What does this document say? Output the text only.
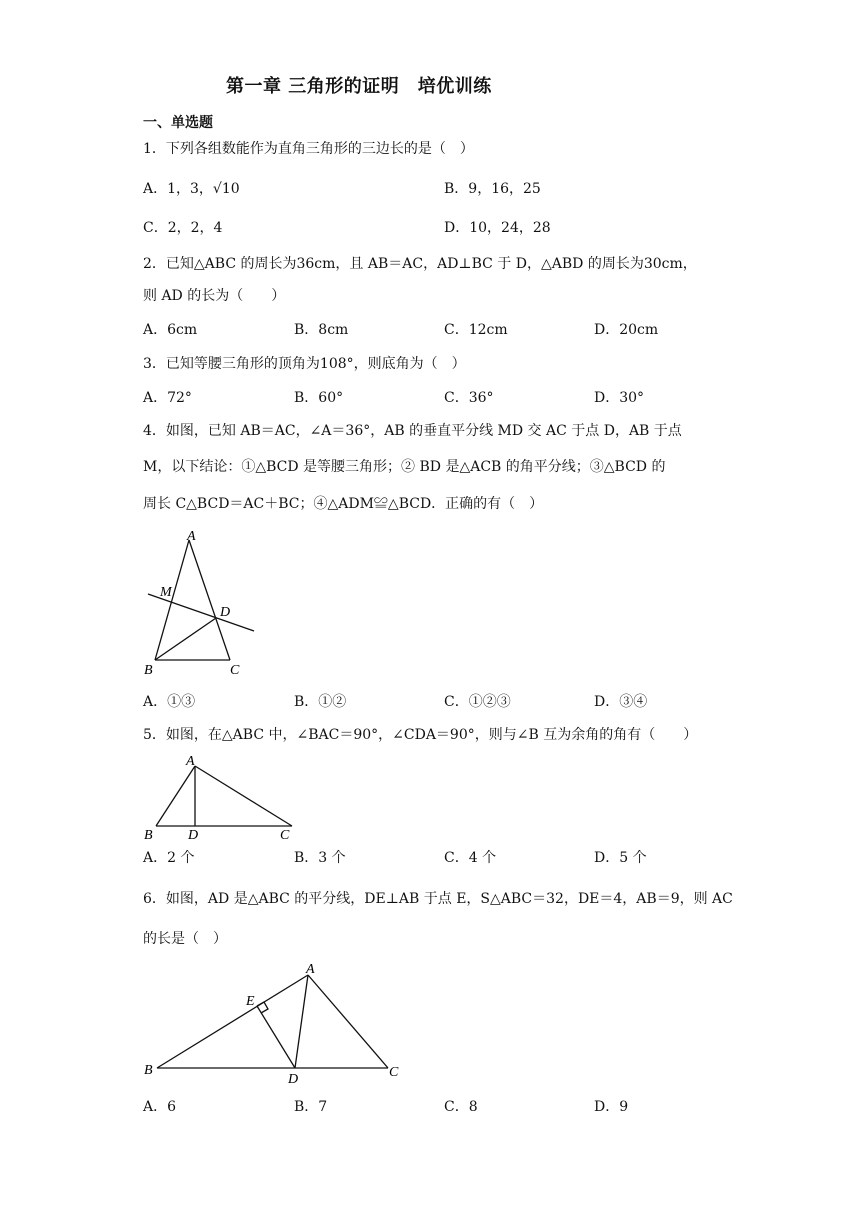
第一章 三角形的证明　培优训练
一、单选题
1．下列各组数能作为直角三角形的三边长的是（　）
A．1，3，√10	B．9，16，25
C．2，2，4	D．10，24，28
2．已知△ABC 的周长为36cm，且 AB＝AC，AD⊥BC 于 D，△ABD 的周长为30cm，
则 AD 的长为（　　）
A．6cm	B．8cm	C．12cm	D．20cm
3．已知等腰三角形的顶角为108°，则底角为（　）
A．72°	B．60°	C．36°	D．30°
4．如图，已知 AB＝AC，∠A＝36°，AB 的垂直平分线 MD 交 AC 于点 D，AB 于点
M，以下结论：①△BCD 是等腰三角形；② BD 是△ACB 的角平分线；③△BCD 的
周长 C△BCD＝AC＋BC；④△ADM≌△BCD．正确的有（　）
A
M
D
B	C
A．①③	B．①②	C．①②③	D．③④
5．如图，在△ABC 中，∠BAC＝90°，∠CDA＝90°，则与∠B 互为余角的角有（　　）
A
B	D	C
A．2 个	B．3 个	C．4 个	D．5 个
6．如图，AD 是△ABC 的平分线，DE⊥AB 于点 E，S△ABC＝32，DE＝4，AB＝9，则 AC
的长是（　）
A
E
B
D	C
A．6	B．7	C．8	D．9
